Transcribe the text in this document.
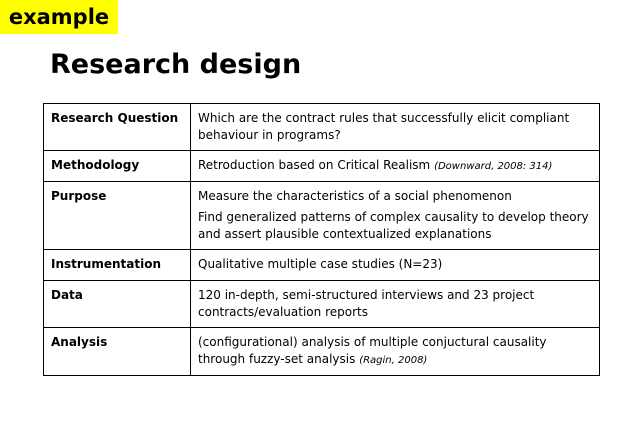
example
Research design
Research Question	Which are the contract rules that successfully elicit compliant behaviour in programs?

Methodology	Retroduction based on Critical Realism (Downward, 2008: 314)

Purpose	Measure the characteristics of a social phenomenon

Find generalized patterns of complex causality to develop theory and assert plausible contextualized explanations

Instrumentation	Qualitative multiple case studies (N=23)

Data	120 in-depth, semi-structured interviews and 23 project contracts/evaluation reports

Analysis	(configurational) analysis of multiple conjuctural causality through fuzzy-set analysis (Ragin, 2008)
